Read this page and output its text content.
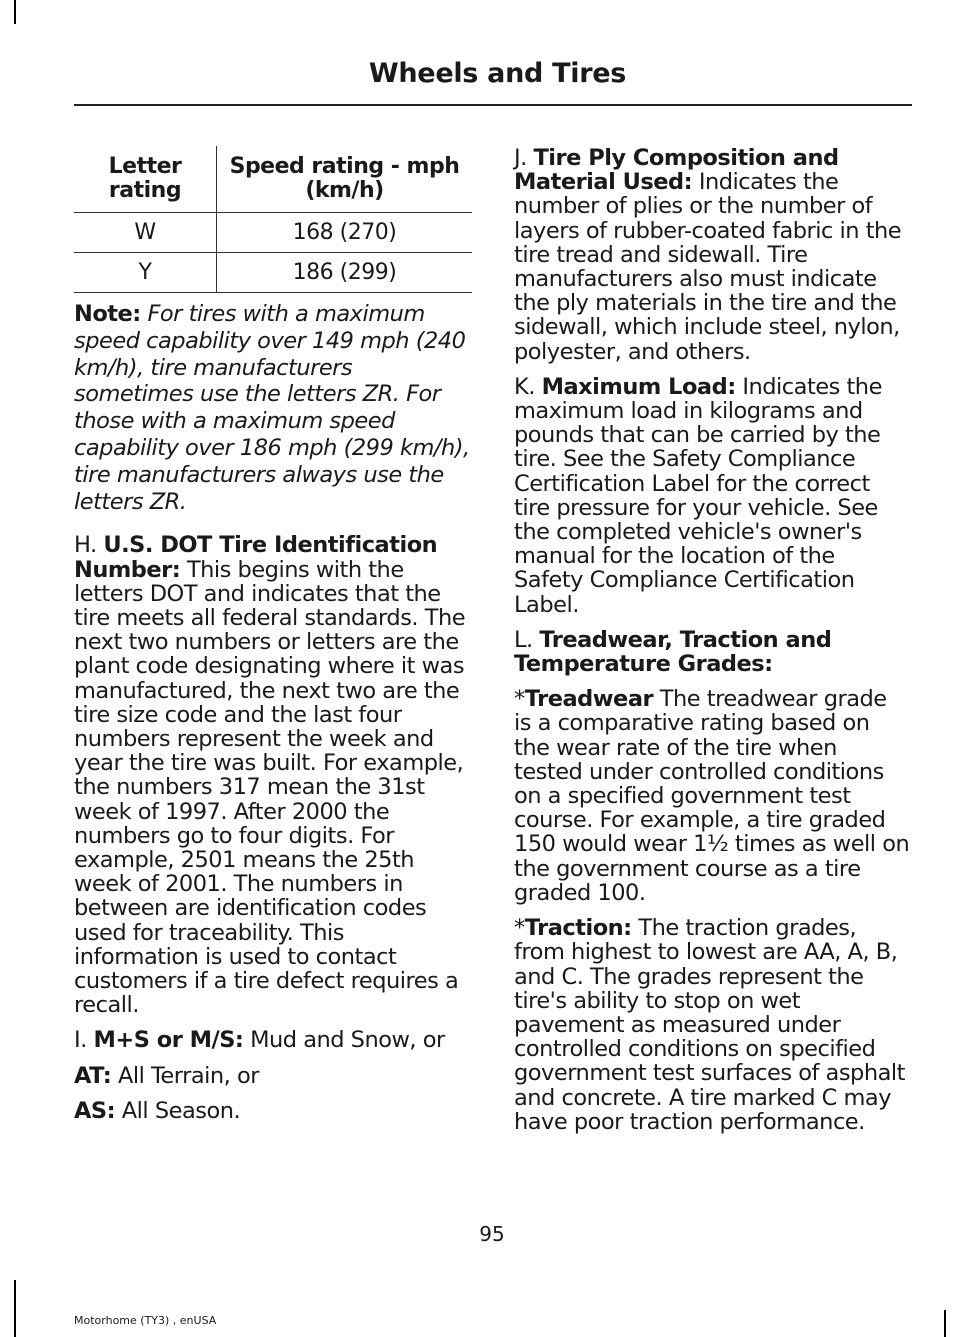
Wheels and Tires
Letter rating	Speed rating - mph (km/h)
W	168 (270)
Y	186 (299)

Note: For tires with a maximum speed capability over 149 mph (240 km/h), tire manufacturers sometimes use the letters ZR. For those with a maximum speed capability over 186 mph (299 km/h), tire manufacturers always use the letters ZR.

H. U.S. DOT Tire Identification Number: This begins with the letters DOT and indicates that the tire meets all federal standards. The next two numbers or letters are the plant code designating where it was manufactured, the next two are the tire size code and the last four numbers represent the week and year the tire was built. For example, the numbers 317 mean the 31st week of 1997. After 2000 the numbers go to four digits. For example, 2501 means the 25th week of 2001. The numbers in between are identification codes used for traceability. This information is used to contact customers if a tire defect requires a recall.

I. M+S or M/S: Mud and Snow, or

AT: All Terrain, or

AS: All Season.

J. Tire Ply Composition and Material Used: Indicates the number of plies or the number of layers of rubber-coated fabric in the tire tread and sidewall. Tire manufacturers also must indicate the ply materials in the tire and the sidewall, which include steel, nylon, polyester, and others.

K. Maximum Load: Indicates the maximum load in kilograms and pounds that can be carried by the tire. See the Safety Compliance Certification Label for the correct tire pressure for your vehicle. See the completed vehicle's owner's manual for the location of the Safety Compliance Certification Label.

L. Treadwear, Traction and Temperature Grades:

*Treadwear The treadwear grade is a comparative rating based on the wear rate of the tire when tested under controlled conditions on a specified government test course. For example, a tire graded 150 would wear 1½ times as well on the government course as a tire graded 100.

*Traction: The traction grades, from highest to lowest are AA, A, B, and C. The grades represent the tire's ability to stop on wet pavement as measured under controlled conditions on specified government test surfaces of asphalt and concrete. A tire marked C may have poor traction performance.

95
Motorhome (TY3) , enUSA
